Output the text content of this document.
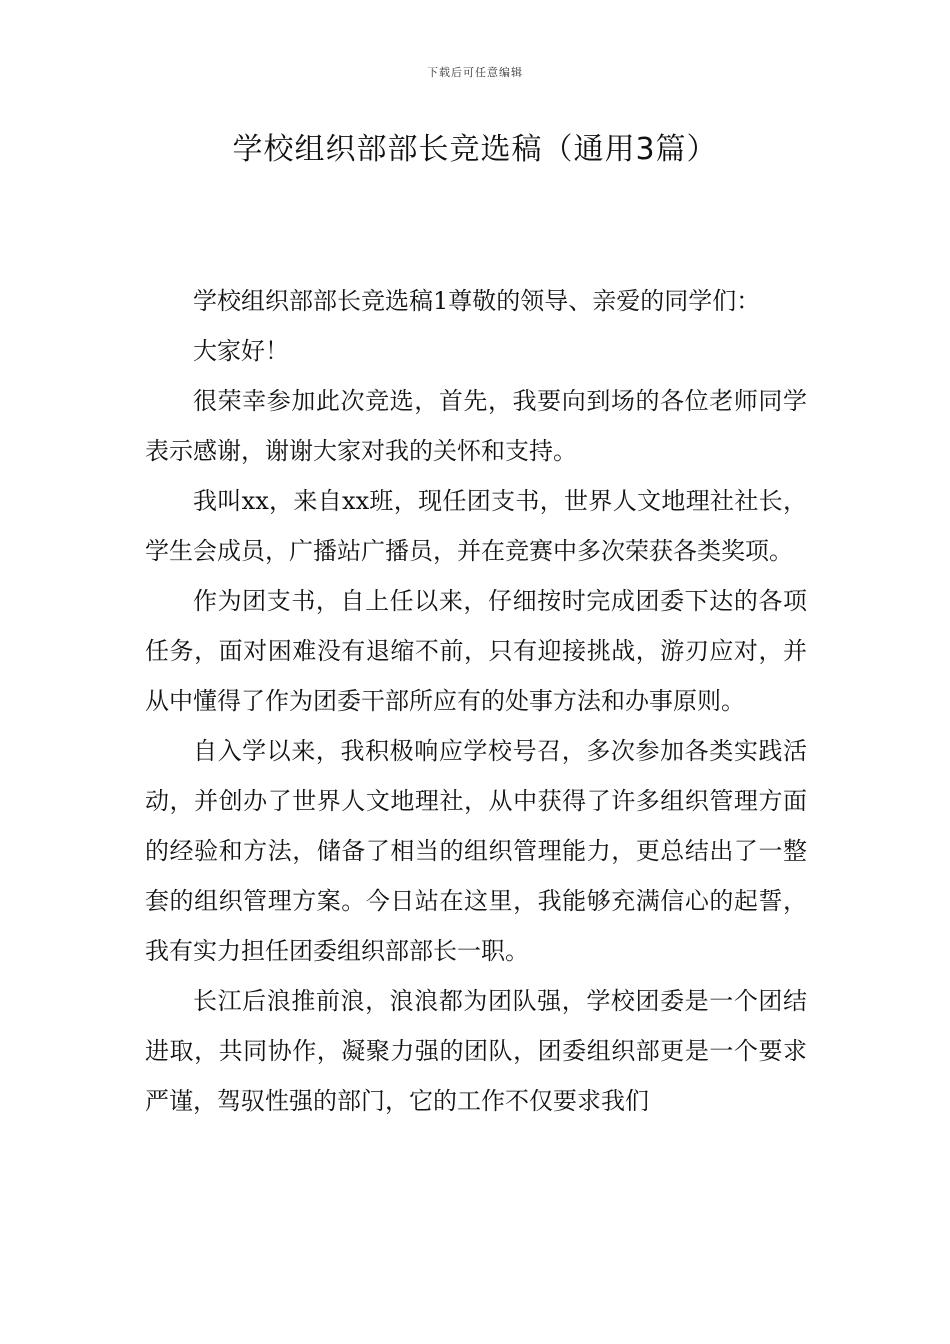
下载后可任意编辑
学校组织部部长竞选稿（通用3篇）

学校组织部部长竞选稿1尊敬的领导、亲爱的同学们：

大家好！

很荣幸参加此次竞选，首先，我要向到场的各位老师同学表示感谢，谢谢大家对我的关怀和支持。

我叫xx，来自xx班，现任团支书，世界人文地理社社长，学生会成员，广播站广播员，并在竞赛中多次荣获各类奖项。

作为团支书，自上任以来，仔细按时完成团委下达的各项任务，面对困难没有退缩不前，只有迎接挑战，游刃应对，并从中懂得了作为团委干部所应有的处事方法和办事原则。

自入学以来，我积极响应学校号召，多次参加各类实践活动，并创办了世界人文地理社，从中获得了许多组织管理方面的经验和方法，储备了相当的组织管理能力，更总结出了一整套的组织管理方案。今日站在这里，我能够充满信心的起誓，我有实力担任团委组织部部长一职。

长江后浪推前浪，浪浪都为团队强，学校团委是一个团结进取，共同协作，凝聚力强的团队，团委组织部更是一个要求严谨，驾驭性强的部门，它的工作不仅要求我们
